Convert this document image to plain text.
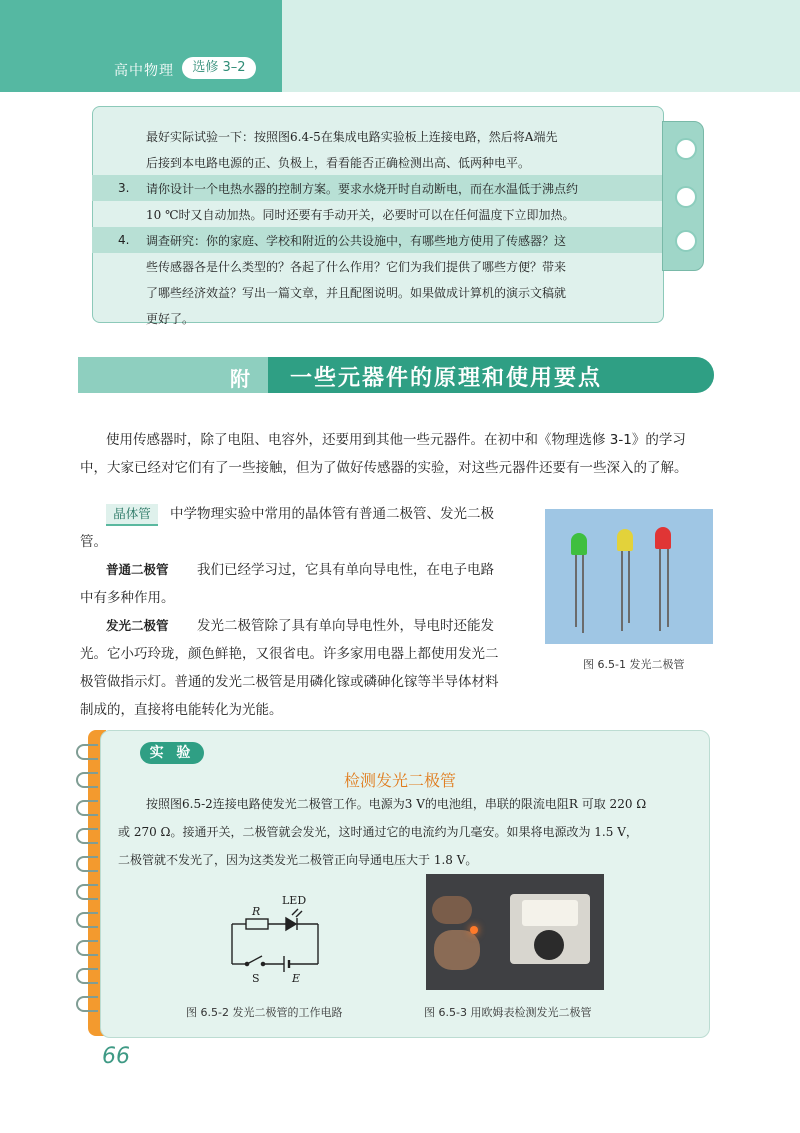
高中物理	选修 3–2
最好实际试验一下：按照图6.4-5在集成电路实验板上连接电路，然后将A端先
后接到本电路电源的正、负极上，看看能否正确检测出高、低两种电平。
3. 请你设计一个电热水器的控制方案。要求水烧开时自动断电，而在水温低于沸点约
10 ℃时又自动加热。同时还要有手动开关，必要时可以在任何温度下立即加热。
4. 调查研究：你的家庭、学校和附近的公共设施中，有哪些地方使用了传感器？这
些传感器各是什么类型的？各起了什么作用？它们为我们提供了哪些方便？带来
了哪些经济效益？写出一篇文章，并且配图说明。如果做成计算机的演示文稿就
更好了。
附 一些元器件的原理和使用要点
使用传感器时，除了电阻、电容外，还要用到其他一些元器件。在初中和《物理选修 3-1》的学习
中，大家已经对它们有了一些接触，但为了做好传感器的实验，对这些元器件还要有一些深入的了解。
晶体管	中学物理实验中常用的晶体管有普通二极管、发光二极
管。
普通二极管 我们已经学习过，它具有单向导电性，在电子电路
中有多种作用。
发光二极管 发光二极管除了具有单向导电性外，导电时还能发
光。它小巧玲珑，颜色鲜艳，又很省电。许多家用电器上都使用发光二
极管做指示灯。普通的发光二极管是用磷化镓或磷砷化镓等半导体材料
制成的，直接将电能转化为光能。
图 6.5-1 发光二极管
实 验
检测发光二极管
按照图6.5-2连接电路使发光二极管工作。电源为3 V的电池组，串联的限流电阻R 可取 220 Ω
或 270 Ω。接通开关，二极管就会发光，这时通过它的电流约为几毫安。如果将电源改为 1.5 V，
二极管就不发光了，因为这类发光二极管正向导通电压大于 1.8 V。
LED
R
S	E
图 6.5-2 发光二极管的工作电路	图 6.5-3 用欧姆表检测发光二极管
66
